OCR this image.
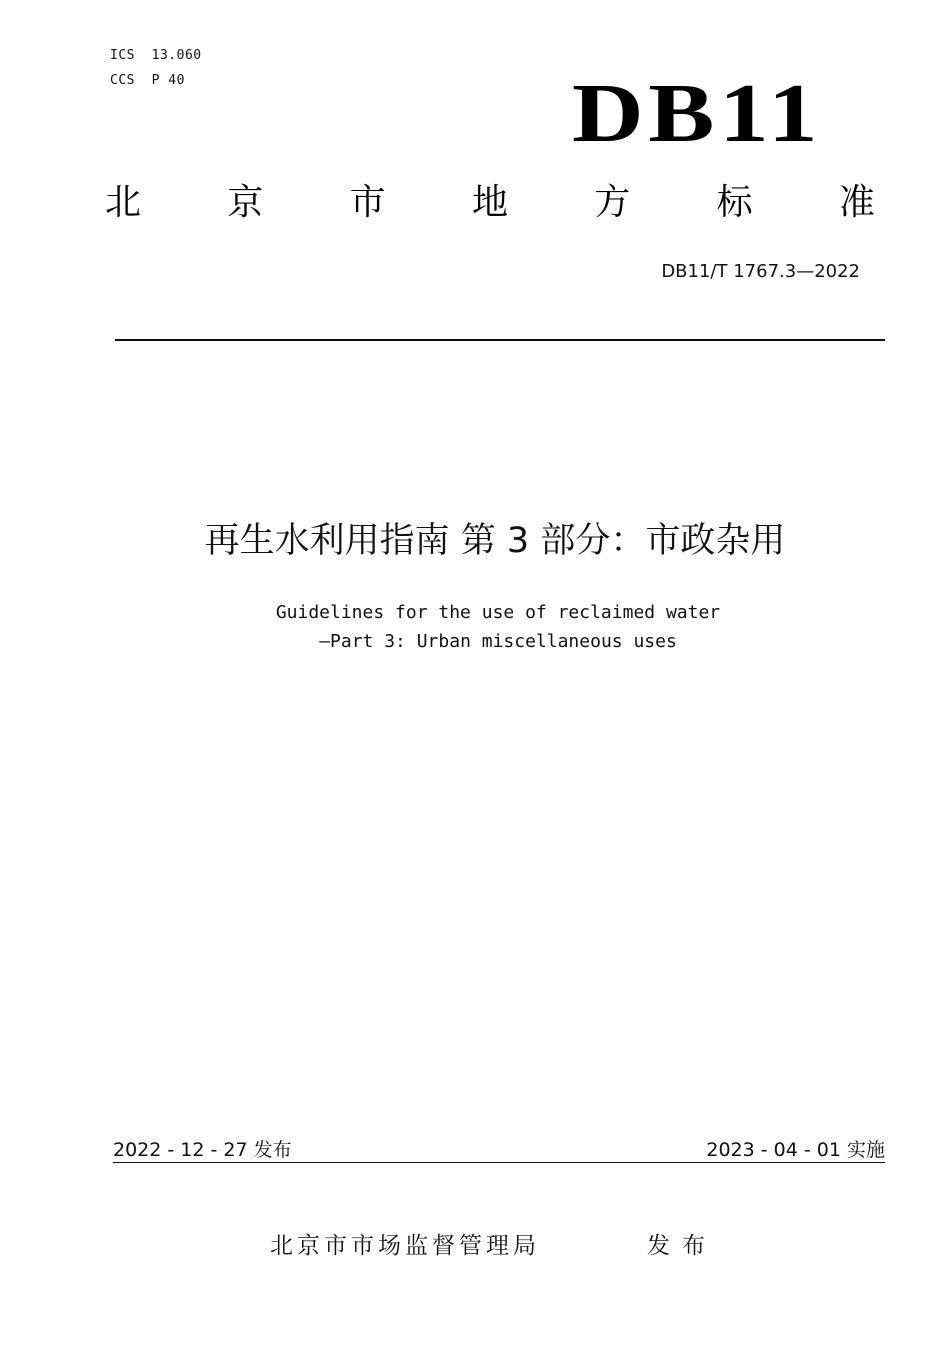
ICS  13.060
CCS  P 40	DB11
北 京 市 地 方 标 准
DB11/T 1767.3—2022
再生水利用指南 第 3 部分：市政杂用
Guidelines for the use of reclaimed water
—Part 3: Urban miscellaneous uses
2022 - 12 - 27 发布	2023 - 04 - 01 实施
北京市市场监督管理局	发布
